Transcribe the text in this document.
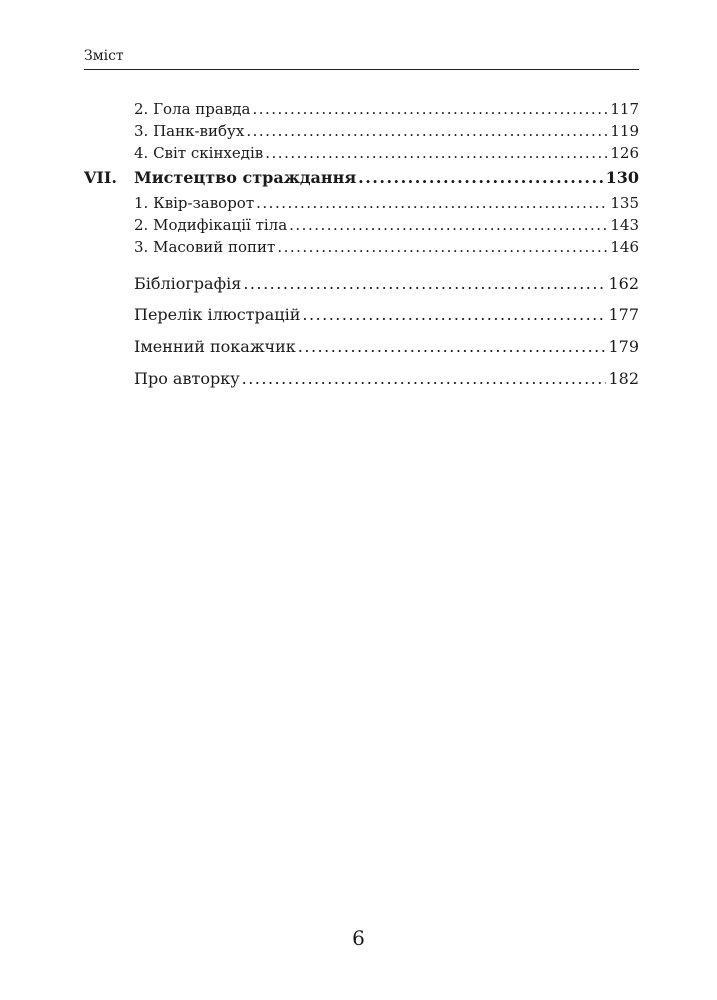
Зміст
2. Гола правда .....	117
3. Панк-вибух .....	119
4. Світ скінхедів .....	126
VII.	Мистецтво страждання .....	130
1. Квір-заворот .....	135
2. Модифікації тіла .....	143
3. Масовий попит .....	146
Бібліографія .....	162
Перелік ілюстрацій .....	177
Іменний покажчик .....	179
Про авторку .....	182
6
